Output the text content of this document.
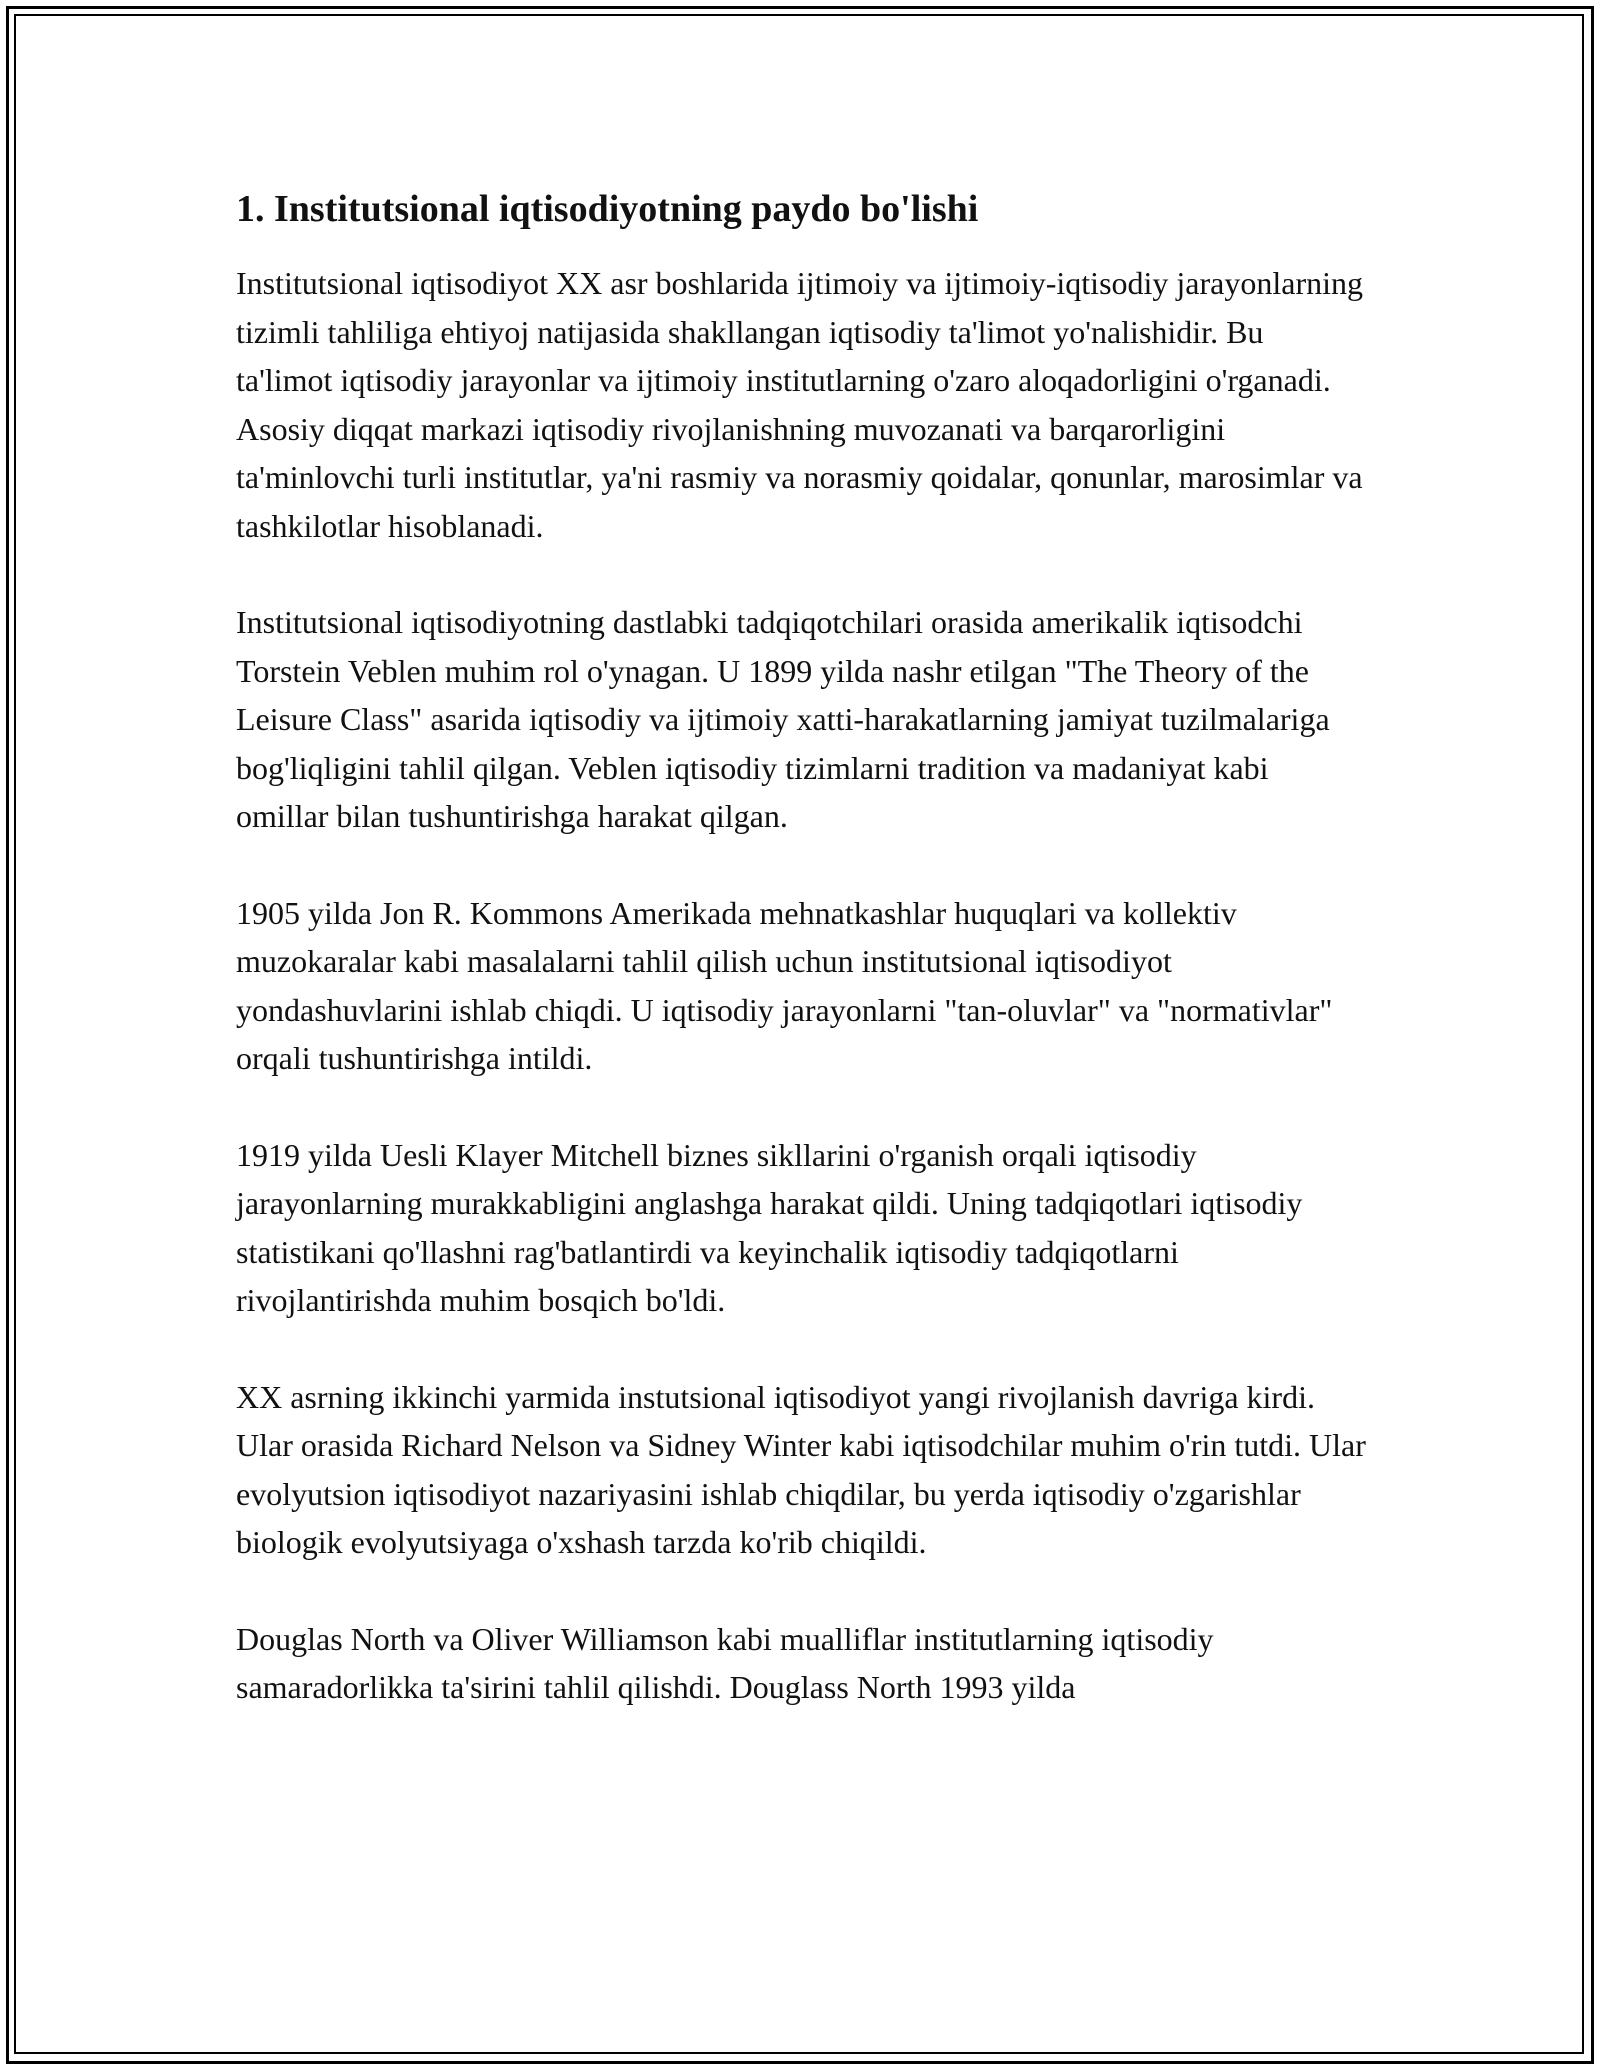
1. Institutsional iqtisodiyotning paydo bo'lishi

Institutsional iqtisodiyot XX asr boshlarida ijtimoiy va ijtimoiy-iqtisodiy jarayonlarning tizimli tahliliga ehtiyoj natijasida shakllangan iqtisodiy ta'limot yo'nalishidir. Bu ta'limot iqtisodiy jarayonlar va ijtimoiy institutlarning o'zaro aloqadorligini o'rganadi. Asosiy diqqat markazi iqtisodiy rivojlanishning muvozanati va barqarorligini ta'minlovchi turli institutlar, ya'ni rasmiy va norasmiy qoidalar, qonunlar, marosimlar va tashkilotlar hisoblanadi.

Institutsional iqtisodiyotning dastlabki tadqiqotchilari orasida amerikalik iqtisodchi Torstein Veblen muhim rol o'ynagan. U 1899 yilda nashr etilgan "The Theory of the Leisure Class" asarida iqtisodiy va ijtimoiy xatti-harakatlarning jamiyat tuzilmalariga bog'liqligini tahlil qilgan. Veblen iqtisodiy tizimlarni tradition va madaniyat kabi omillar bilan tushuntirishga harakat qilgan.

1905 yilda Jon R. Kommons Amerikada mehnatkashlar huquqlari va kollektiv muzokaralar kabi masalalarni tahlil qilish uchun institutsional iqtisodiyot yondashuvlarini ishlab chiqdi. U iqtisodiy jarayonlarni "tan-oluvlar" va "normativlar" orqali tushuntirishga intildi.

1919 yilda Uesli Klayer Mitchell biznes sikllarini o'rganish orqali iqtisodiy jarayonlarning murakkabligini anglashga harakat qildi. Uning tadqiqotlari iqtisodiy statistikani qo'llashni rag'batlantirdi va keyinchalik iqtisodiy tadqiqotlarni rivojlantirishda muhim bosqich bo'ldi.

XX asrning ikkinchi yarmida instutsional iqtisodiyot yangi rivojlanish davriga kirdi. Ular orasida Richard Nelson va Sidney Winter kabi iqtisodchilar muhim o'rin tutdi. Ular evolyutsion iqtisodiyot nazariyasini ishlab chiqdilar, bu yerda iqtisodiy o'zgarishlar biologik evolyutsiyaga o'xshash tarzda ko'rib chiqildi.

Douglas North va Oliver Williamson kabi mualliflar institutlarning iqtisodiy samaradorlikka ta'sirini tahlil qilishdi. Douglass North 1993 yilda
